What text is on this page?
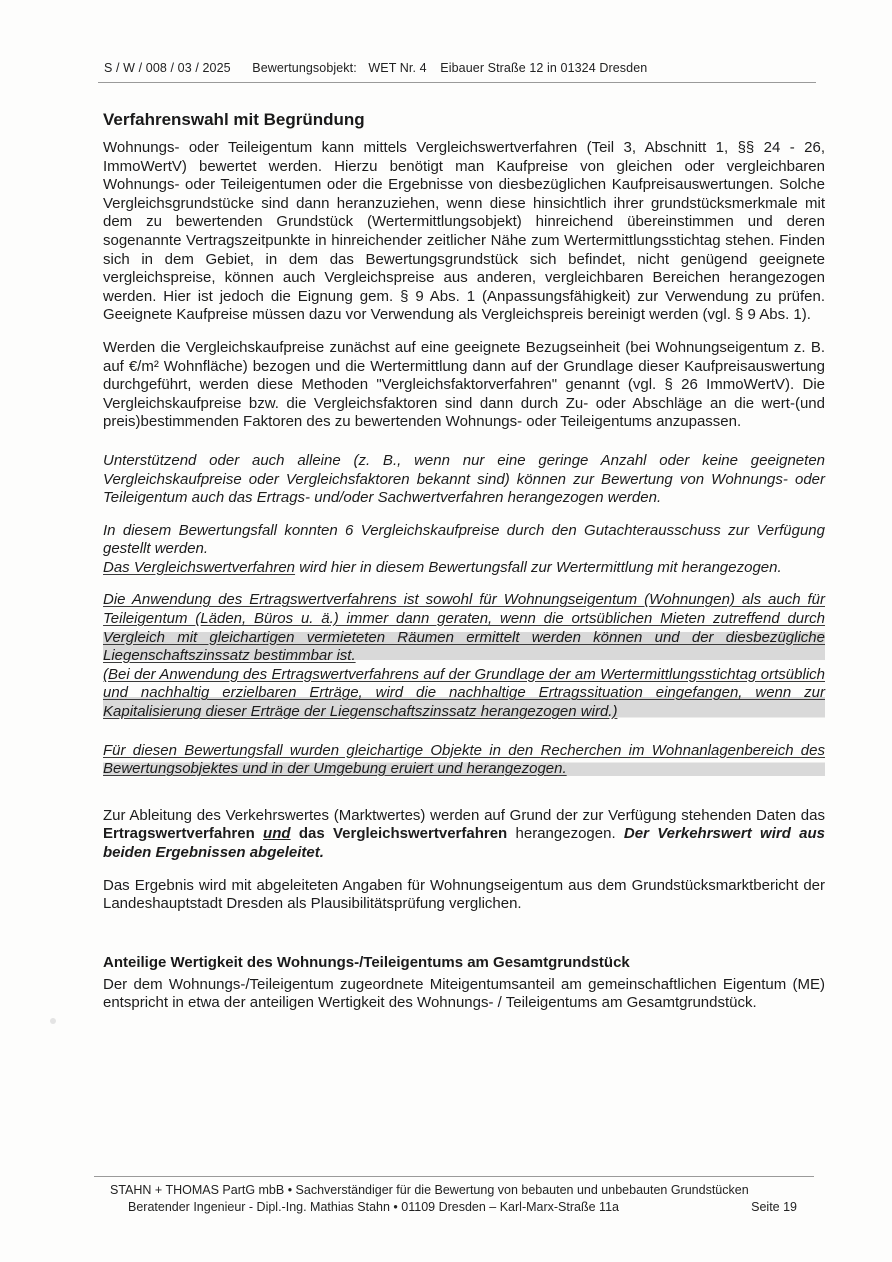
S / W / 008 / 03 / 2025 Bewertungsobjekt: WET Nr. 4 Eibauer Straße 12 in 01324 Dresden
Verfahrenswahl mit Begründung

Wohnungs- oder Teileigentum kann mittels Vergleichswertverfahren (Teil 3, Abschnitt 1, §§ 24 - 26, ImmoWertV) bewertet werden. Hierzu benötigt man Kaufpreise von gleichen oder vergleichbaren Wohnungs- oder Teileigentumen oder die Ergebnisse von diesbezüglichen Kaufpreisauswertungen. Solche Vergleichsgrundstücke sind dann heranzuziehen, wenn diese hinsichtlich ihrer grundstücksmerkmale mit dem zu bewertenden Grundstück (Wertermittlungsobjekt) hinreichend übereinstimmen und deren sogenannte Vertragszeitpunkte in hinreichender zeitlicher Nähe zum Wertermittlungsstichtag stehen. Finden sich in dem Gebiet, in dem das Bewertungsgrundstück sich befindet, nicht genügend geeignete vergleichspreise, können auch Vergleichspreise aus anderen, vergleichbaren Bereichen herangezogen werden. Hier ist jedoch die Eignung gem. § 9 Abs. 1 (Anpassungsfähigkeit) zur Verwendung zu prüfen. Geeignete Kaufpreise müssen dazu vor Verwendung als Vergleichspreis bereinigt werden (vgl. § 9 Abs. 1).

Werden die Vergleichskaufpreise zunächst auf eine geeignete Bezugseinheit (bei Wohnungseigentum z. B. auf €/m² Wohnfläche) bezogen und die Wertermittlung dann auf der Grundlage dieser Kaufpreisauswertung durchgeführt, werden diese Methoden "Vergleichsfaktorverfahren" genannt (vgl. § 26 ImmoWertV). Die Vergleichskaufpreise bzw. die Vergleichsfaktoren sind dann durch Zu- oder Abschläge an die wert-(und preis)bestimmenden Faktoren des zu bewertenden Wohnungs- oder Teileigentums anzupassen.

Unterstützend oder auch alleine (z. B., wenn nur eine geringe Anzahl oder keine geeigneten Vergleichskaufpreise oder Vergleichsfaktoren bekannt sind) können zur Bewertung von Wohnungs- oder Teileigentum auch das Ertrags- und/oder Sachwertverfahren herangezogen werden.

In diesem Bewertungsfall konnten 6 Vergleichskaufpreise durch den Gutachterausschuss zur Verfügung gestellt werden.
Das Vergleichswertverfahren wird hier in diesem Bewertungsfall zur Wertermittlung mit herangezogen.

Die Anwendung des Ertragswertverfahrens ist sowohl für Wohnungseigentum (Wohnungen) als auch für Teileigentum (Läden, Büros u. ä.) immer dann geraten, wenn die ortsüblichen Mieten zutreffend durch Vergleich mit gleichartigen vermieteten Räumen ermittelt werden können und der diesbezügliche Liegenschaftszinssatz bestimmbar ist.

(Bei der Anwendung des Ertragswertverfahrens auf der Grundlage der am Wertermittlungsstichtag ortsüblich und nachhaltig erzielbaren Erträge, wird die nachhaltige Ertragssituation eingefangen, wenn zur Kapitalisierung dieser Erträge der Liegenschaftszinssatz herangezogen wird.)

Für diesen Bewertungsfall wurden gleichartige Objekte in den Recherchen im Wohnanlagenbereich des Bewertungsobjektes und in der Umgebung eruiert und herangezogen.

Zur Ableitung des Verkehrswertes (Marktwertes) werden auf Grund der zur Verfügung stehenden Daten das Ertragswertverfahren und das Vergleichswertverfahren herangezogen. Der Verkehrswert wird aus beiden Ergebnissen abgeleitet.

Das Ergebnis wird mit abgeleiteten Angaben für Wohnungseigentum aus dem Grundstücksmarktbericht der Landeshauptstadt Dresden als Plausibilitätsprüfung verglichen.

Anteilige Wertigkeit des Wohnungs-/Teileigentums am Gesamtgrundstück

Der dem Wohnungs-/Teileigentum zugeordnete Miteigentumsanteil am gemeinschaftlichen Eigentum (ME) entspricht in etwa der anteiligen Wertigkeit des Wohnungs- / Teileigentums am Gesamtgrundstück.

STAHN + THOMAS PartG mbB • Sachverständiger für die Bewertung von bebauten und unbebauten Grundstücken
Beratender Ingenieur - Dipl.-Ing. Mathias Stahn • 01109 Dresden – Karl-Marx-Straße 11a	Seite 19
